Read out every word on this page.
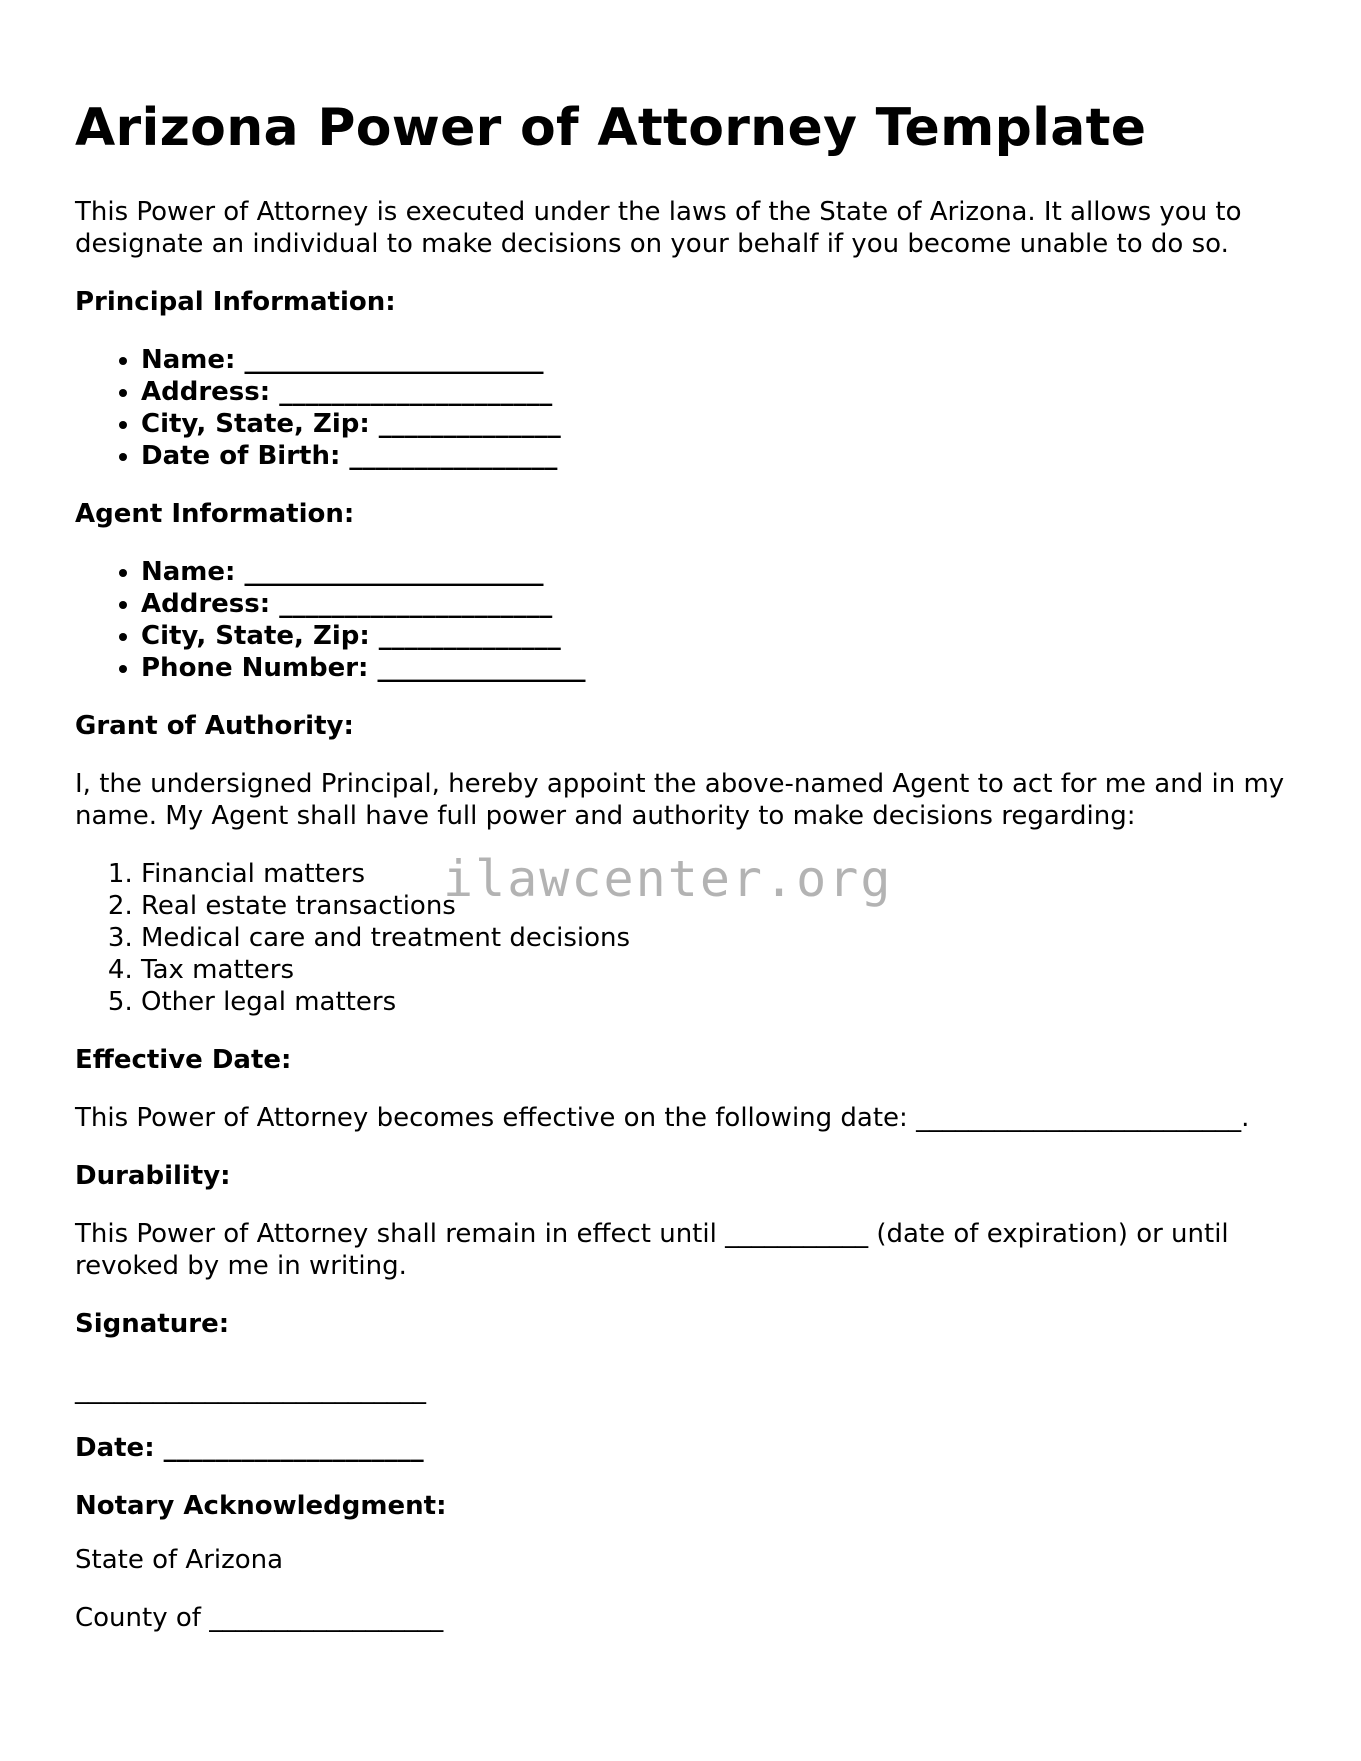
Arizona Power of Attorney Template

This Power of Attorney is executed under the laws of the State of Arizona. It allows you to designate an individual to make decisions on your behalf if you become unable to do so.

Principal Information:
• Name: _______________________
• Address: _____________________
• City, State, Zip: ______________
• Date of Birth: ________________
Agent Information:
• Name: _______________________
• Address: _____________________
• City, State, Zip: ______________
• Phone Number: ________________
Grant of Authority:

I, the undersigned Principal, hereby appoint the above-named Agent to act for me and in my name. My Agent shall have full power and authority to make decisions regarding:

1. Financial matters
2. Real estate transactions
3. Medical care and treatment decisions
4. Tax matters
5. Other legal matters
Effective Date:

This Power of Attorney becomes effective on the following date: _________________________.

Durability:

This Power of Attorney shall remain in effect until ___________ (date of expiration) or until revoked by me in writing.

Signature:

___________________________

Date: ____________________
Notary Acknowledgment:

State of Arizona

County of __________________

ilawcenter.org
